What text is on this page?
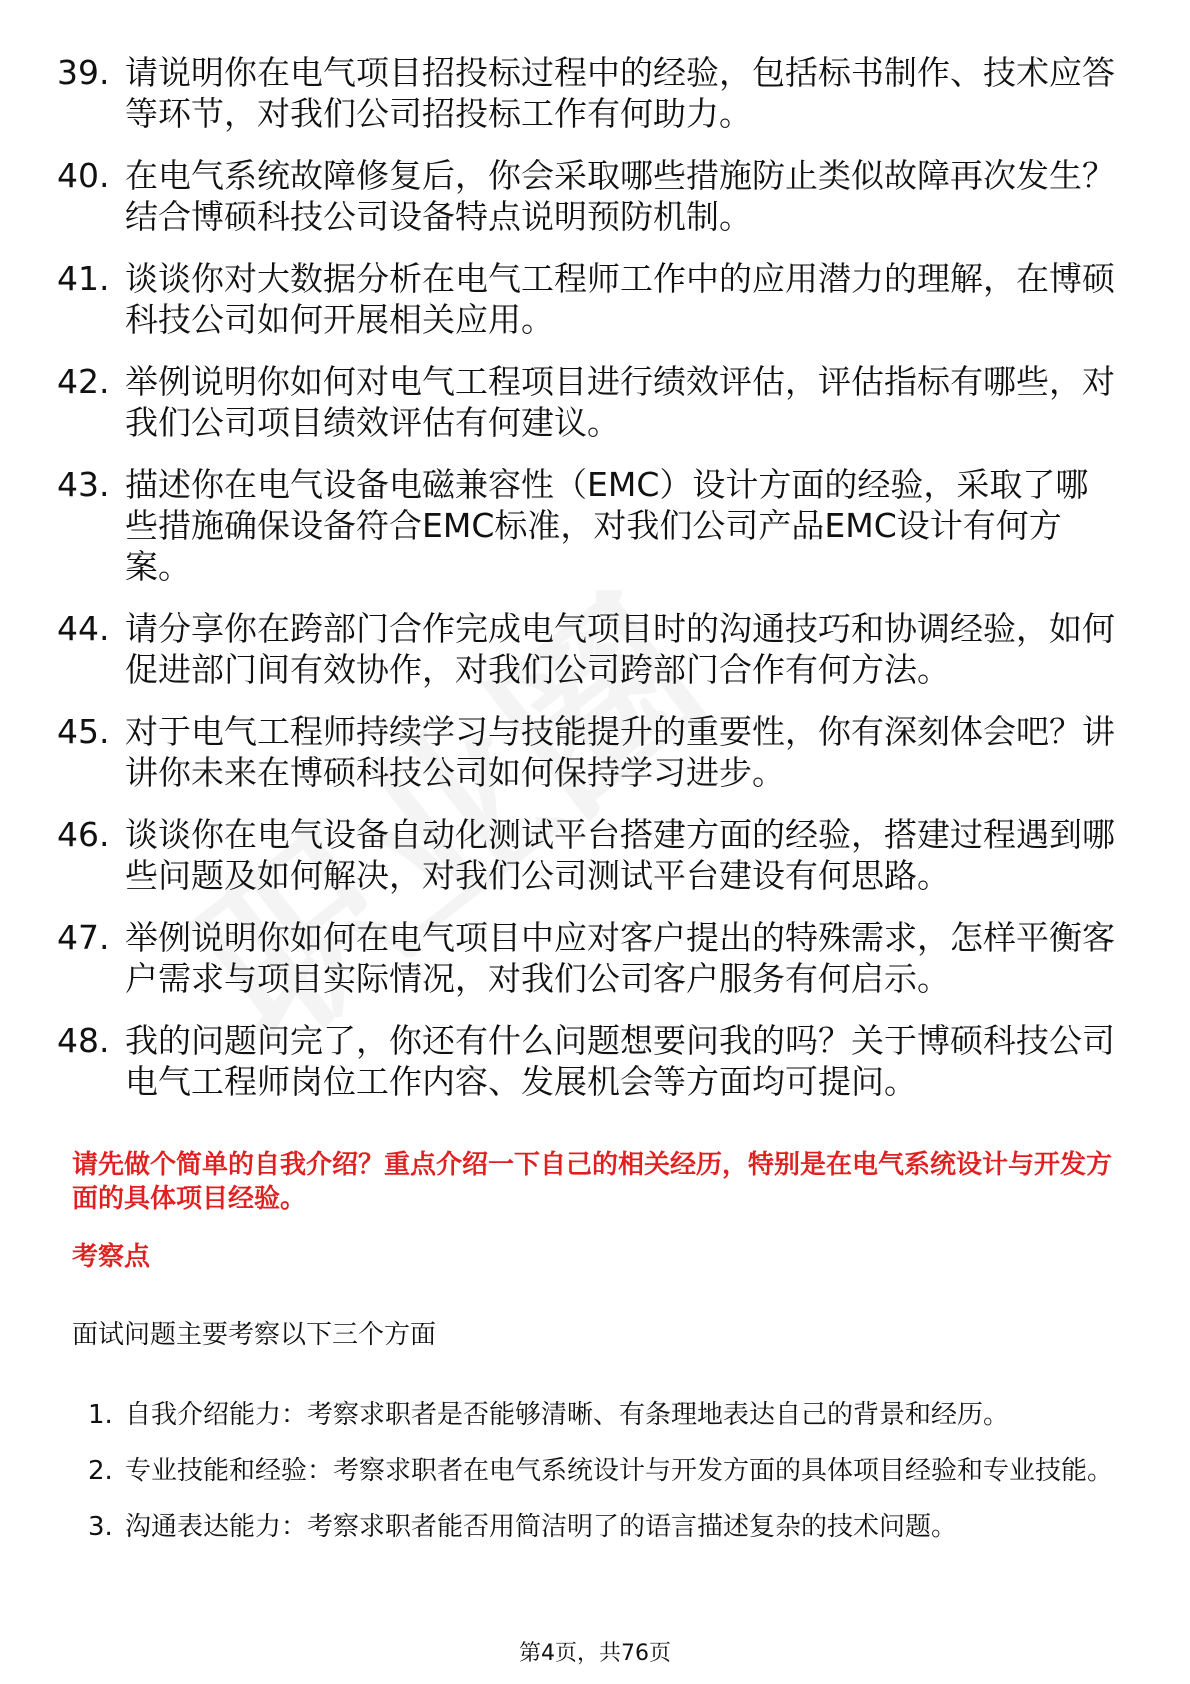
39. 请说明你在电气项目招投标过程中的经验，包括标书制作、技术应答等环节，对我们公司招投标工作有何助力。
40. 在电气系统故障修复后，你会采取哪些措施防止类似故障再次发生？结合博硕科技公司设备特点说明预防机制。
41. 谈谈你对大数据分析在电气工程师工作中的应用潜力的理解，在博硕科技公司如何开展相关应用。
42. 举例说明你如何对电气工程项目进行绩效评估，评估指标有哪些，对我们公司项目绩效评估有何建议。
43. 描述你在电气设备电磁兼容性（EMC）设计方面的经验，采取了哪些措施确保设备符合EMC标准，对我们公司产品EMC设计有何方案。
44. 请分享你在跨部门合作完成电气项目时的沟通技巧和协调经验，如何促进部门间有效协作，对我们公司跨部门合作有何方法。
45. 对于电气工程师持续学习与技能提升的重要性，你有深刻体会吧？讲讲你未来在博硕科技公司如何保持学习进步。
46. 谈谈你在电气设备自动化测试平台搭建方面的经验，搭建过程遇到哪些问题及如何解决，对我们公司测试平台建设有何思路。
47. 举例说明你如何在电气项目中应对客户提出的特殊需求，怎样平衡客户需求与项目实际情况，对我们公司客户服务有何启示。
48. 我的问题问完了，你还有什么问题想要问我的吗？关于博硕科技公司电气工程师岗位工作内容、发展机会等方面均可提问。
请先做个简单的自我介绍？重点介绍一下自己的相关经历，特别是在电气系统设计与开发方面的具体项目经验。
考察点
面试问题主要考察以下三个方面
1. 自我介绍能力：考察求职者是否能够清晰、有条理地表达自己的背景和经历。
2. 专业技能和经验：考察求职者在电气系统设计与开发方面的具体项目经验和专业技能。
3. 沟通表达能力：考察求职者能否用简洁明了的语言描述复杂的技术问题。
第4页，共76页
